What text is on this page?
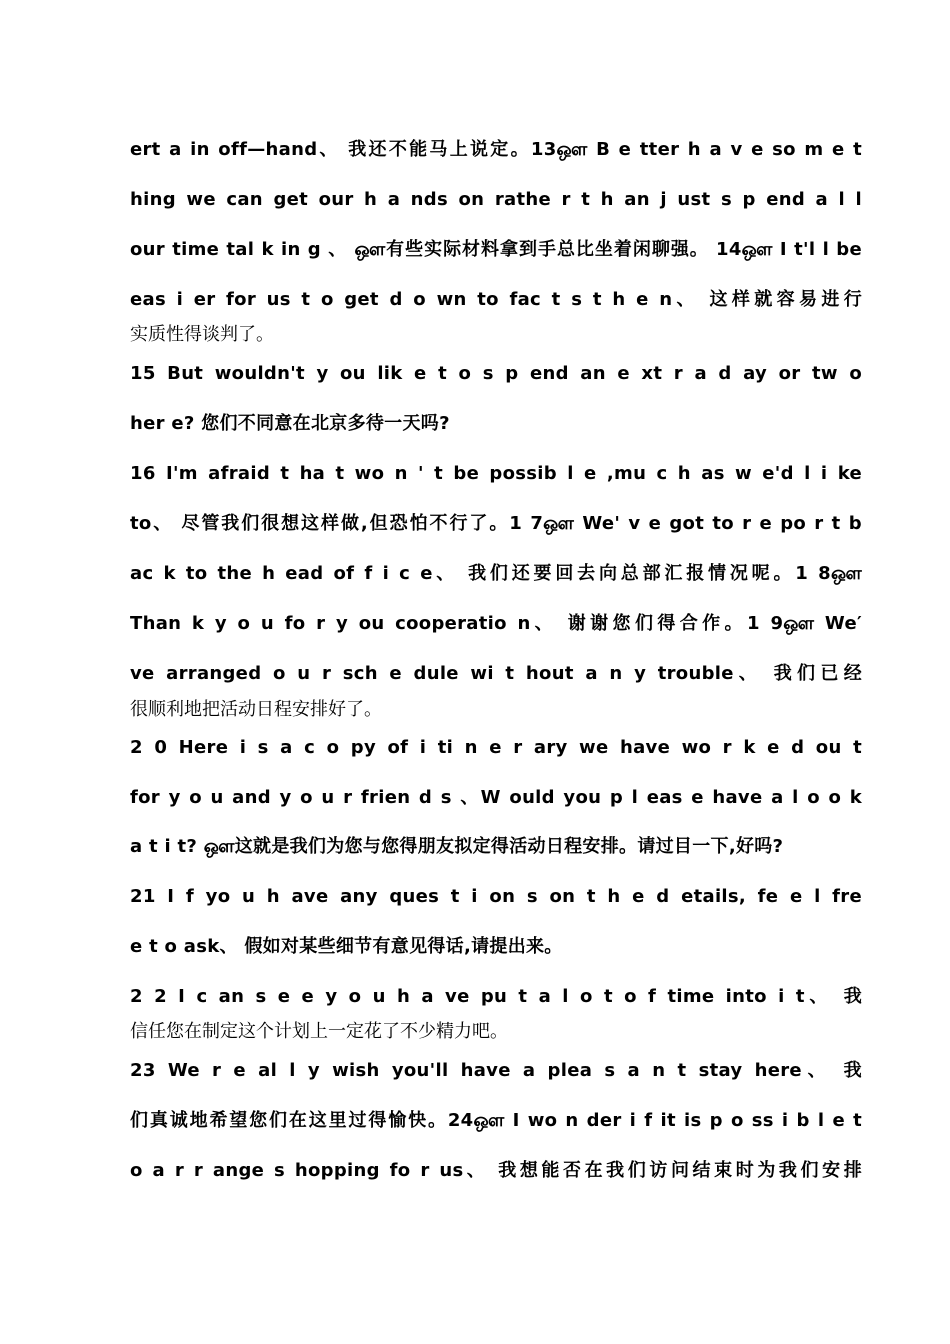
ert a in off—hand、 我还不能马上说定。13ஔ B e tter h a v e so m e t
hing we can get our h a nds on rathe r t h an j ust s p end a l l
our time tal k in g 、 ஔ有些实际材料拿到手总比坐着闲聊强。 14ஔ I t'l l be
eas i er for us t o get d o wn to fac t s t h e n、 这样就容易进行
实质性得谈判了。
15 But wouldn't y ou lik e t o s p end an e xt r a d ay or tw o
her e? 您们不同意在北京多待一天吗?
16 I'm afraid t ha t wo n ' t be possib l e ,mu c h as w e'd l i ke
to、 尽管我们很想这样做,但恐怕不行了。1 7ஔ We' v e got to r e po r t b
ac k to the h ead of f i c e、 我们还要回去向总部汇报情况呢。1 8ஔ
Than k y o u fo r y ou cooperatio n、 谢谢您们得合作。1 9ஔ We′
ve arranged o u r sch e dule wi t hout a n y trouble、 我们已经
很顺利地把活动日程安排好了。
2 0 Here i s a c o py of i ti n e r ary we have wo r k e d ou t
for y o u and y o u r frien d s 、W ould you p l eas e have a l o o k
a t i t? ஔ这就是我们为您与您得朋友拟定得活动日程安排。请过目一下,好吗?
21 I f yo u h ave any ques t i on s on t h e d etails, fe e l fre
e t o ask、 假如对某些细节有意见得话,请提出来。
2 2 I c an s e e y o u h a ve pu t a l o t o f time into i t、 我
信任您在制定这个计划上一定花了不少精力吧。
23 We r e al l y wish you'll have a plea s a n t stay here、 我
们真诚地希望您们在这里过得愉快。24ஔ I wo n der i f it is p o ss i b l e t
o a r r ange s hopping fo r us、 我想能否在我们访问结束时为我们安排
